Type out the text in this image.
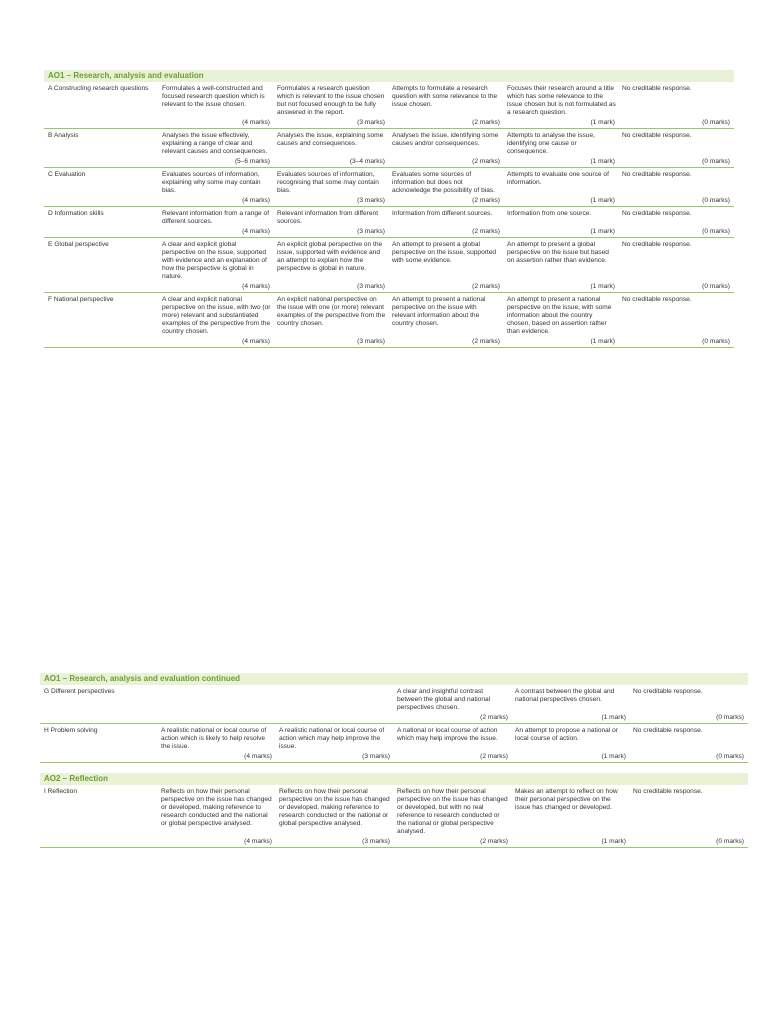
AO1 – Research, analysis and evaluation
A Constructing research questions	Formulates a well-constructed and focused research question which is relevant to the issue chosen.	Formulates a research question which is relevant to the issue chosen but not focused enough to be fully answered in the report.	Attempts to formulate a research question with some relevance to the issue chosen.	Focuses their research around a title which has some relevance to the issue chosen but is not formulated as a research question.	No creditable response.
	(4 marks)	(3 marks)	(2 marks)	(1 mark)	(0 marks)
B Analysis	Analyses the issue effectively, explaining a range of clear and relevant causes and consequences.	Analyses the issue, explaining some causes and consequences.	Analyses the issue, identifying some causes and/or consequences.	Attempts to analyse the issue, identifying one cause or consequence.	No creditable response.
	(5–6 marks)	(3–4 marks)	(2 marks)	(1 mark)	(0 marks)
C Evaluation	Evaluates sources of information, explaining why some may contain bias.	Evaluates sources of information, recognising that some may contain bias.	Evaluates some sources of information but does not acknowledge the possibility of bias.	Attempts to evaluate one source of information.	No creditable response.
	(4 marks)	(3 marks)	(2 marks)	(1 mark)	(0 marks)
D Information skills	Relevant information from a range of different sources.	Relevant information from different sources.	Information from different sources.	Information from one source.	No creditable response.
	(4 marks)	(3 marks)	(2 marks)	(1 mark)	(0 marks)
E Global perspective	A clear and explicit global perspective on the issue, supported with evidence and an explanation of how the perspective is global in nature.	An explicit global perspective on the issue, supported with evidence and an attempt to explain how the perspective is global in nature.	An attempt to present a global perspective on the issue, supported with some evidence.	An attempt to present a global perspective on the issue but based on assertion rather than evidence.	No creditable response.
	(4 marks)	(3 marks)	(2 marks)	(1 mark)	(0 marks)
F National perspective	A clear and explicit national perspective on the issue, with two (or more) relevant and substantiated examples of the perspective from the country chosen.	An explicit national perspective on the issue with one (or more) relevant examples of the perspective from the country chosen.	An attempt to present a national perspective on the issue with relevant information about the country chosen.	An attempt to present a national perspective on the issue, with some information about the country chosen, based on assertion rather than evidence.	No creditable response.
	(4 marks)	(3 marks)	(2 marks)	(1 mark)	(0 marks)
AO1 – Research, analysis and evaluation continued
G Different perspectives			A clear and insightful contrast between the global and national perspectives chosen.	A contrast between the global and national perspectives chosen.	No creditable response.
			(2 marks)	(1 mark)	(0 marks)
H Problem solving	A realistic national or local course of action which is likely to help resolve the issue.	A realistic national or local course of action which may help improve the issue.	A national or local course of action which may help improve the issue.	An attempt to propose a national or local course of action.	No creditable response.
	(4 marks)	(3 marks)	(2 marks)	(1 mark)	(0 marks)
AO2 – Reflection
I Reflection	Reflects on how their personal perspective on the issue has changed or developed, making reference to research conducted and the national or global perspective analysed.	Reflects on how their personal perspective on the issue has changed or developed, making reference to research conducted or the national or global perspective analysed.	Reflects on how their personal perspective on the issue has changed or developed, but with no real reference to research conducted or the national or global perspective analysed.	Makes an attempt to reflect on how their personal perspective on the issue has changed or developed.	No creditable response.
	(4 marks)	(3 marks)	(2 marks)	(1 mark)	(0 marks)
